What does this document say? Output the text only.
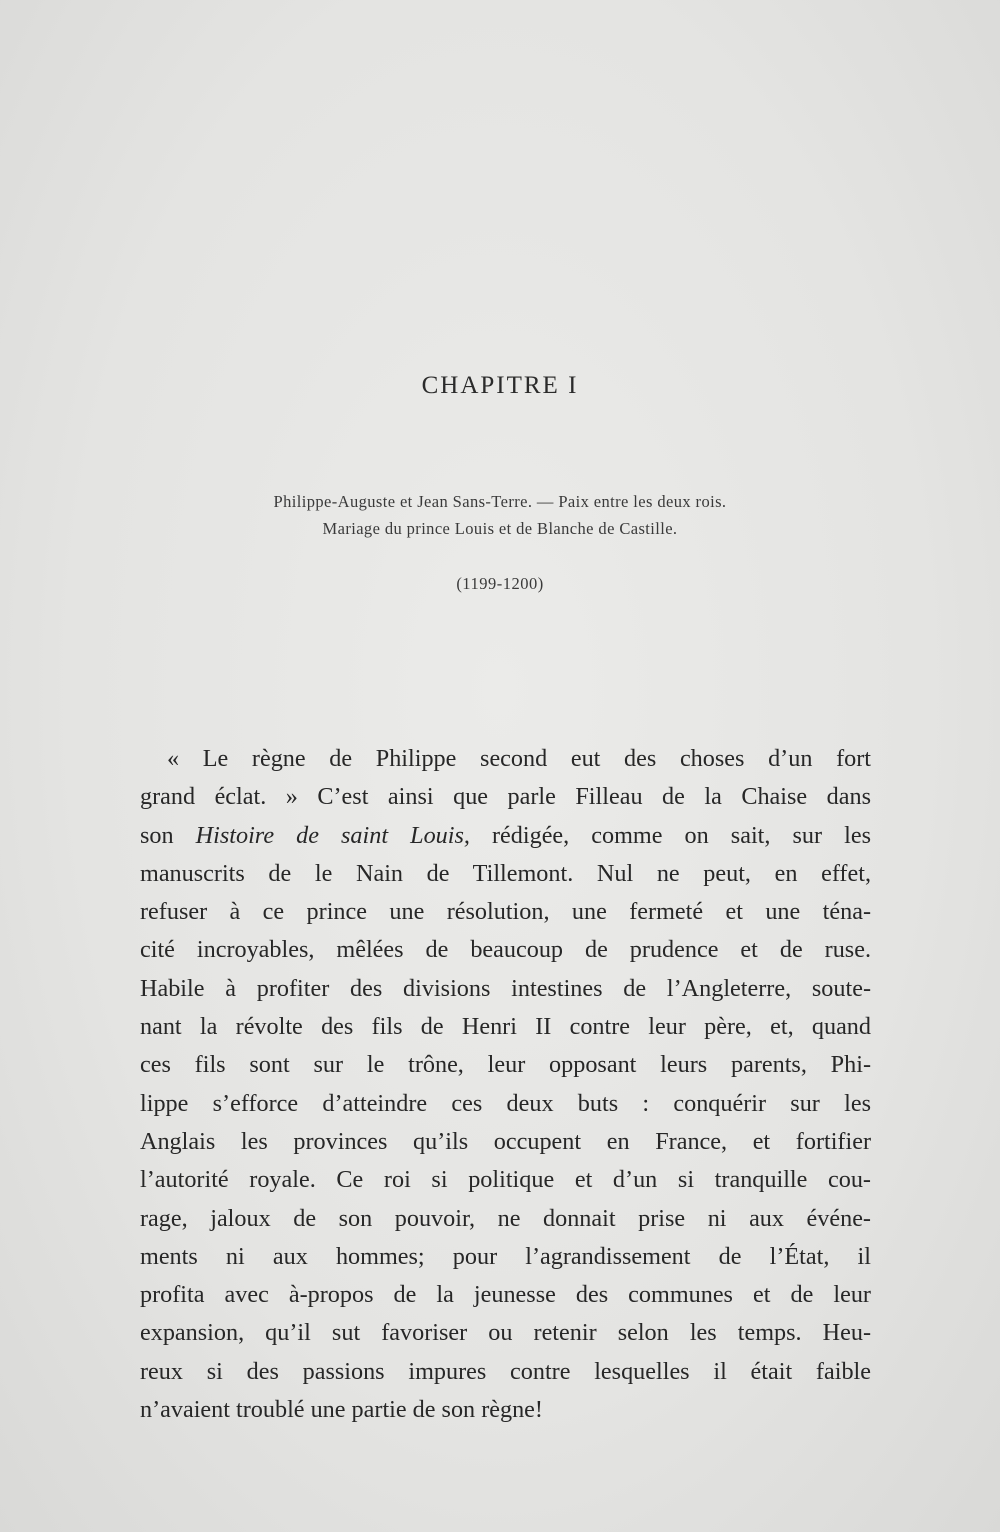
CHAPITRE I

Philippe-Auguste et Jean Sans-Terre. — Paix entre les deux rois.

Mariage du prince Louis et de Blanche de Castille.

(1199-1200)

« Le règne de Philippe second eut des choses d’un fort
grand éclat. » C’est ainsi que parle Filleau de la Chaise dans
son Histoire de saint Louis, rédigée, comme on sait, sur les
manuscrits de le Nain de Tillemont. Nul ne peut, en effet,
refuser à ce prince une résolution, une fermeté et une téna-
cité incroyables, mêlées de beaucoup de prudence et de ruse.
Habile à profiter des divisions intestines de l’Angleterre, soute-
nant la révolte des fils de Henri II contre leur père, et, quand
ces fils sont sur le trône, leur opposant leurs parents, Phi-
lippe s’efforce d’atteindre ces deux buts : conquérir sur les
Anglais les provinces qu’ils occupent en France, et fortifier
l’autorité royale. Ce roi si politique et d’un si tranquille cou-
rage, jaloux de son pouvoir, ne donnait prise ni aux événe-
ments ni aux hommes; pour l’agrandissement de l’État, il
profita avec à-propos de la jeunesse des communes et de leur
expansion, qu’il sut favoriser ou retenir selon les temps. Heu-
reux si des passions impures contre lesquelles il était faible
n’avaient troublé une partie de son règne!
